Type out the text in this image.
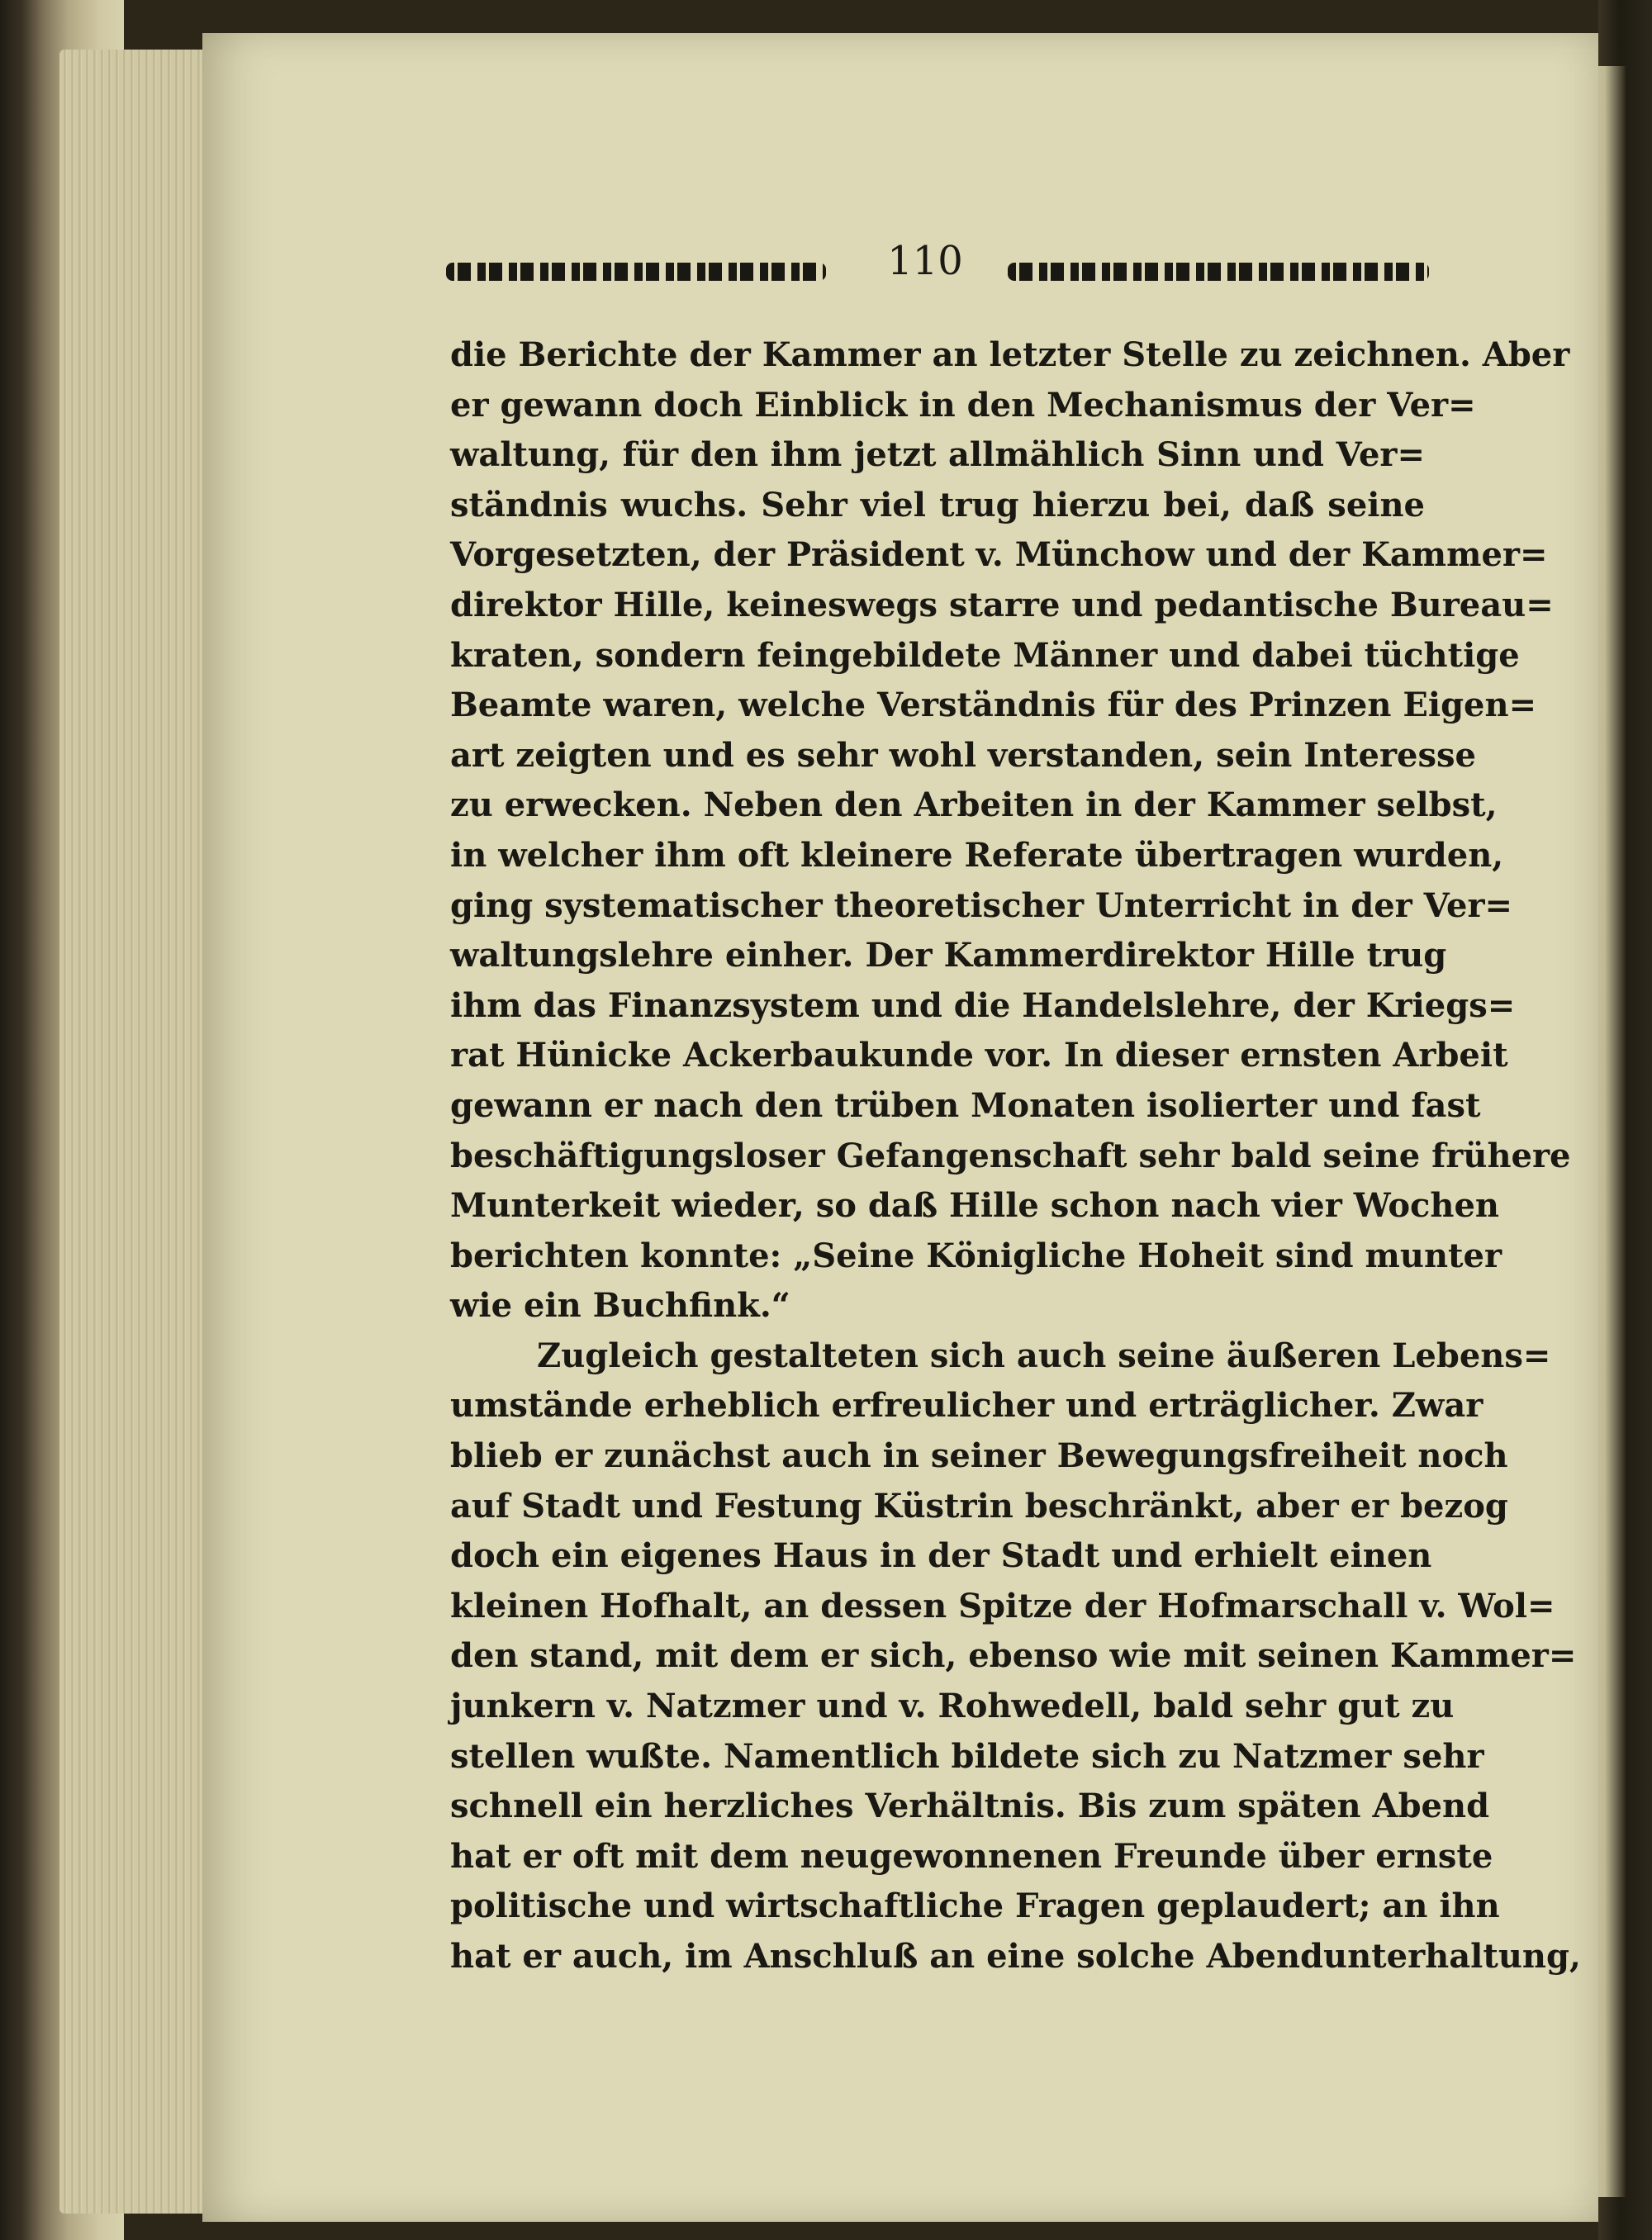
110
die Berichte der Kammer an letzter Stelle zu zeichnen. Aber
er gewann doch Einblick in den Mechanismus der Ver=
waltung, für den ihm jetzt allmählich Sinn und Ver=
ständnis wuchs. Sehr viel trug hierzu bei, daß seine
Vorgesetzten, der Präsident v. Münchow und der Kammer=
direktor Hille, keineswegs starre und pedantische Bureau=
kraten, sondern feingebildete Männer und dabei tüchtige
Beamte waren, welche Verständnis für des Prinzen Eigen=
art zeigten und es sehr wohl verstanden, sein Interesse
zu erwecken. Neben den Arbeiten in der Kammer selbst,
in welcher ihm oft kleinere Referate übertragen wurden,
ging systematischer theoretischer Unterricht in der Ver=
waltungslehre einher. Der Kammerdirektor Hille trug
ihm das Finanzsystem und die Handelslehre, der Kriegs=
rat Hünicke Ackerbaukunde vor. In dieser ernsten Arbeit
gewann er nach den trüben Monaten isolierter und fast
beschäftigungsloser Gefangenschaft sehr bald seine frühere
Munterkeit wieder, so daß Hille schon nach vier Wochen
berichten konnte: „Seine Königliche Hoheit sind munter
wie ein Buchfink.“
Zugleich gestalteten sich auch seine äußeren Lebens=
umstände erheblich erfreulicher und erträglicher. Zwar
blieb er zunächst auch in seiner Bewegungsfreiheit noch
auf Stadt und Festung Küstrin beschränkt, aber er bezog
doch ein eigenes Haus in der Stadt und erhielt einen
kleinen Hofhalt, an dessen Spitze der Hofmarschall v. Wol=
den stand, mit dem er sich, ebenso wie mit seinen Kammer=
junkern v. Natzmer und v. Rohwedell, bald sehr gut zu
stellen wußte. Namentlich bildete sich zu Natzmer sehr
schnell ein herzliches Verhältnis. Bis zum späten Abend
hat er oft mit dem neugewonnenen Freunde über ernste
politische und wirtschaftliche Fragen geplaudert; an ihn
hat er auch, im Anschluß an eine solche Abendunterhaltung,
